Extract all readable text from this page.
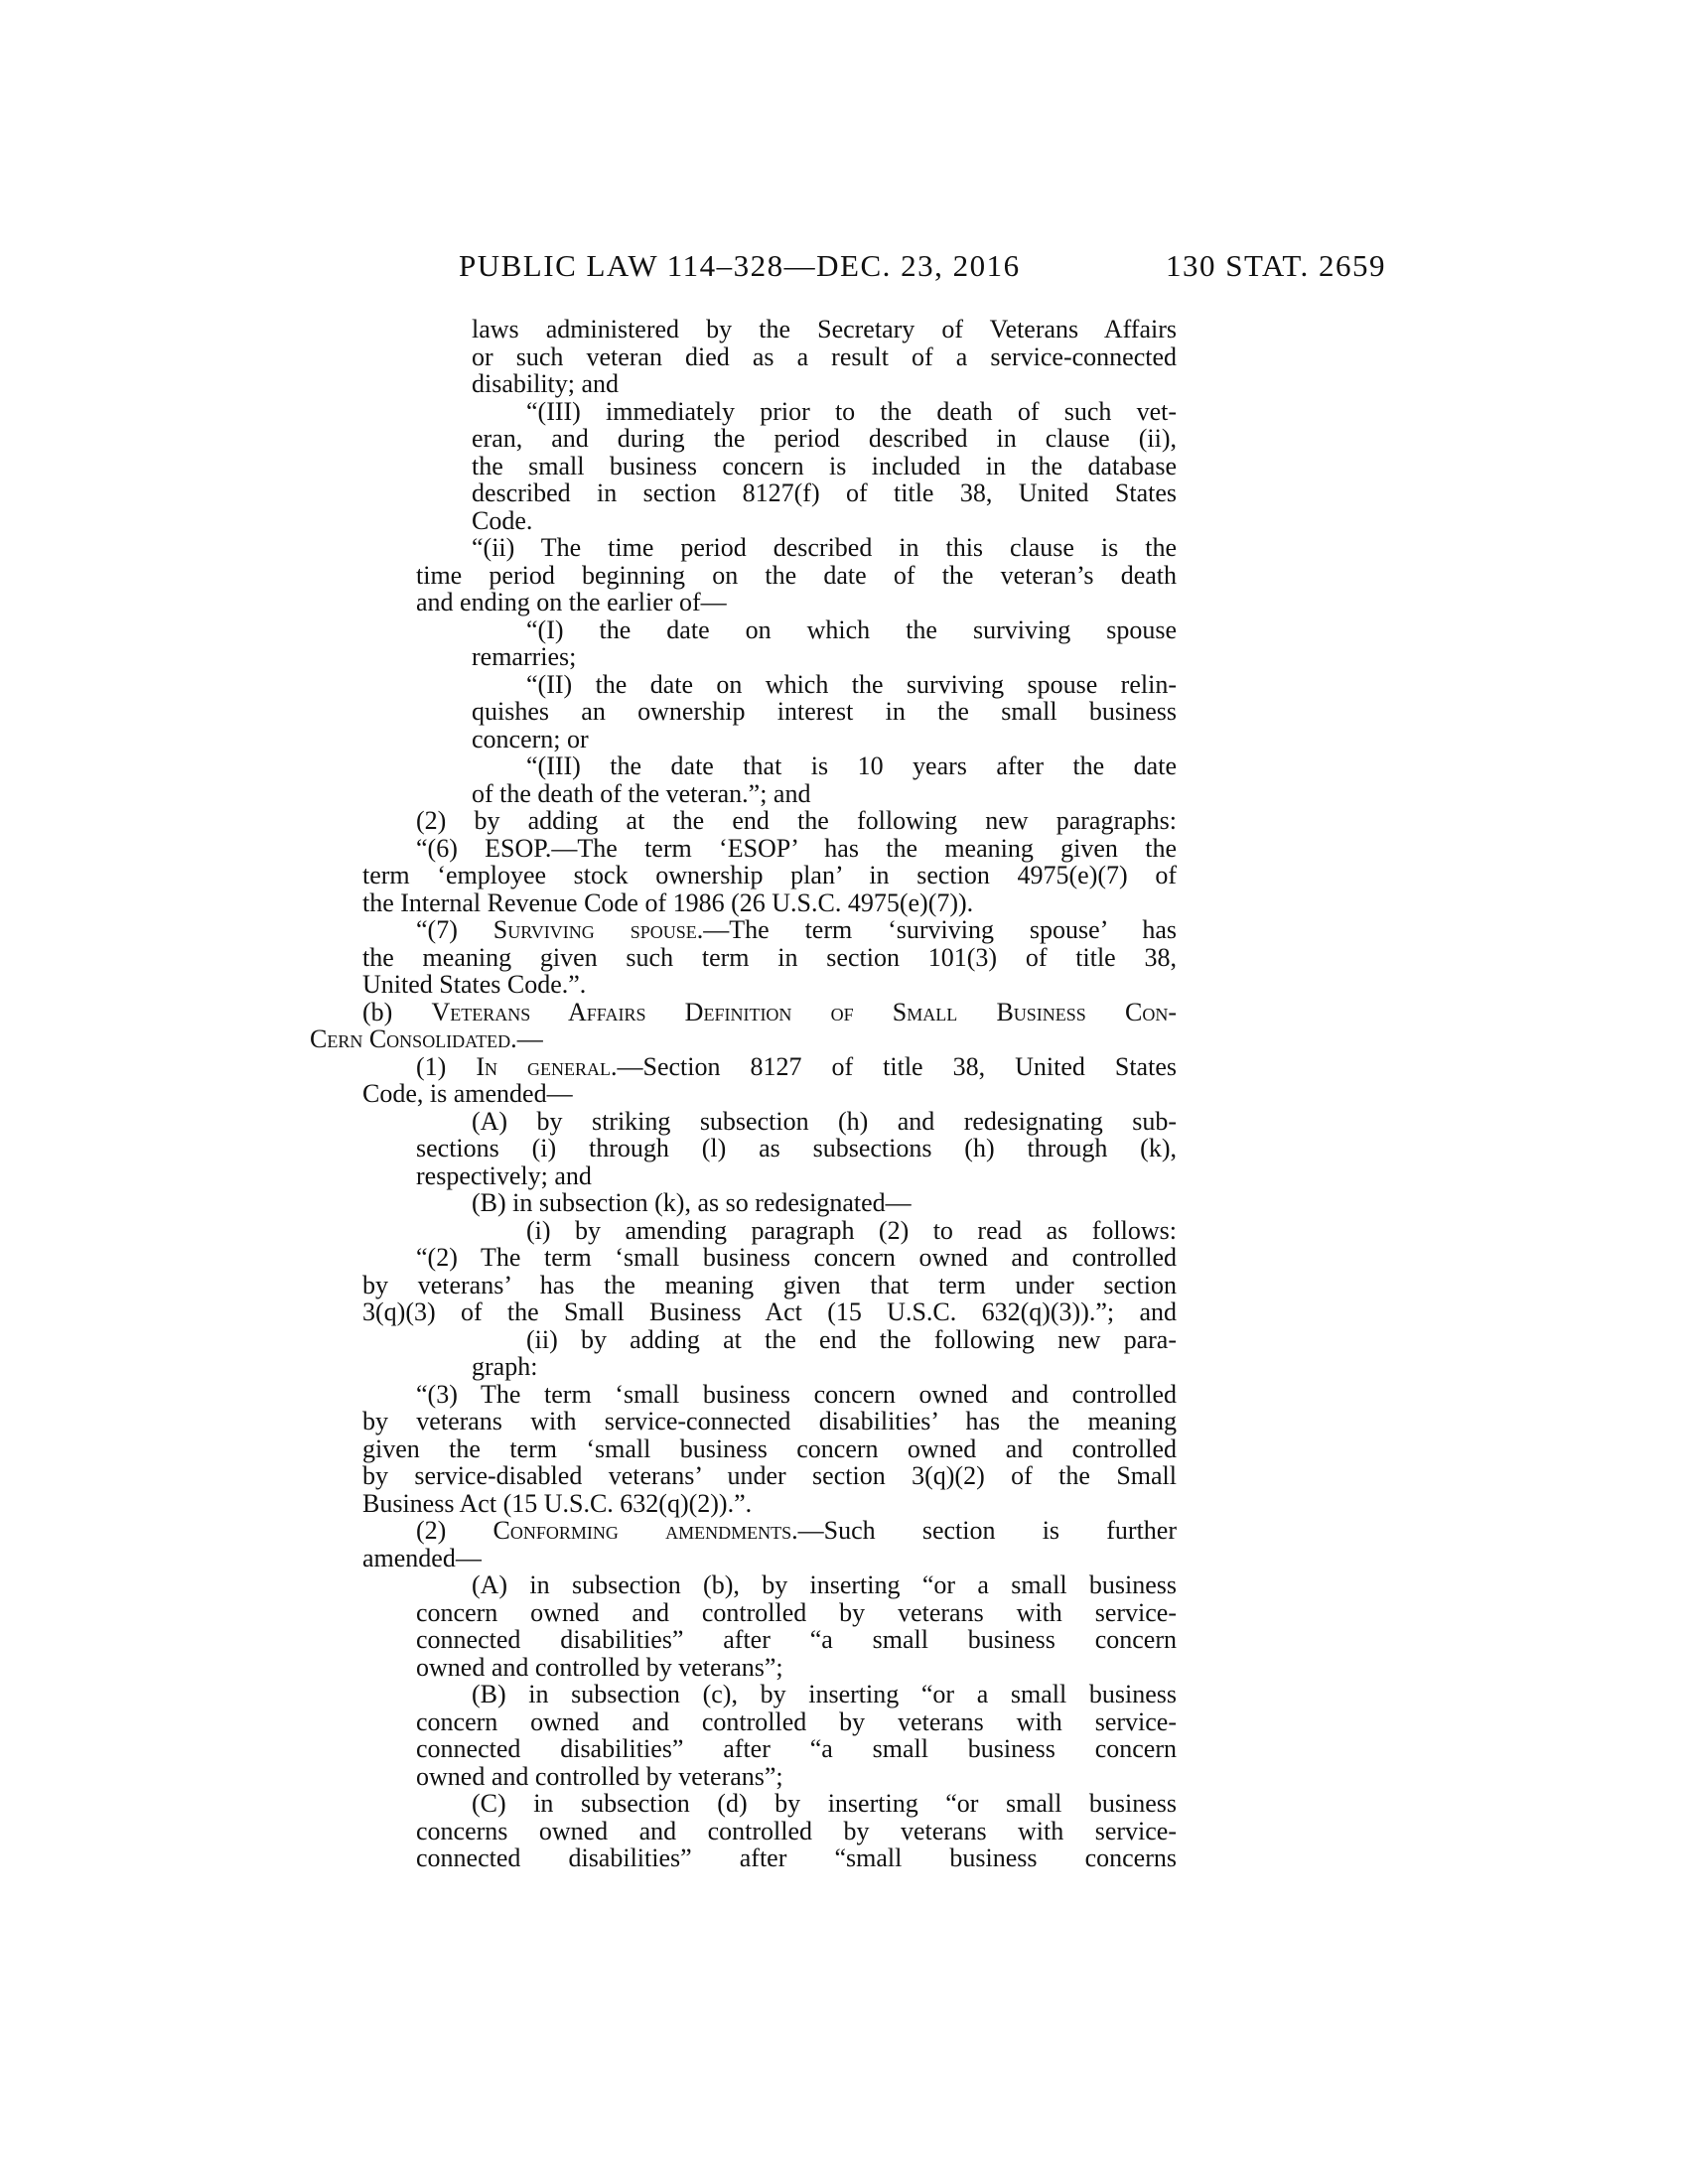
PUBLIC LAW 114–328—DEC. 23, 2016	130 STAT. 2659
laws administered by the Secretary of Veterans Affairs
or such veteran died as a result of a service-connected
disability; and
“(III) immediately prior to the death of such vet-
eran, and during the period described in clause (ii),
the small business concern is included in the database
described in section 8127(f) of title 38, United States
Code.
“(ii) The time period described in this clause is the
time period beginning on the date of the veteran’s death
and ending on the earlier of—
“(I) the date on which the surviving spouse
remarries;
“(II) the date on which the surviving spouse relin-
quishes an ownership interest in the small business
concern; or
“(III) the date that is 10 years after the date
of the death of the veteran.”; and
(2) by adding at the end the following new paragraphs:
“(6) ESOP.—The term ‘ESOP’ has the meaning given the
term ‘employee stock ownership plan’ in section 4975(e)(7) of
the Internal Revenue Code of 1986 (26 U.S.C. 4975(e)(7)).
“(7) Surviving spouse.—The term ‘surviving spouse’ has
the meaning given such term in section 101(3) of title 38,
United States Code.”.
(b) Veterans Affairs Definition of Small Business Con-
Cern Consolidated.—
(1) In general.—Section 8127 of title 38, United States
Code, is amended—
(A) by striking subsection (h) and redesignating sub-
sections (i) through (l) as subsections (h) through (k),
respectively; and
(B) in subsection (k), as so redesignated—
(i) by amending paragraph (2) to read as follows:
“(2) The term ‘small business concern owned and controlled
by veterans’ has the meaning given that term under section
3(q)(3) of the Small Business Act (15 U.S.C. 632(q)(3)).”; and
(ii) by adding at the end the following new para-
graph:
“(3) The term ‘small business concern owned and controlled
by veterans with service-connected disabilities’ has the meaning
given the term ‘small business concern owned and controlled
by service-disabled veterans’ under section 3(q)(2) of the Small
Business Act (15 U.S.C. 632(q)(2)).”.
(2) Conforming amendments.—Such section is further
amended—
(A) in subsection (b), by inserting “or a small business
concern owned and controlled by veterans with service-
connected disabilities” after “a small business concern
owned and controlled by veterans”;
(B) in subsection (c), by inserting “or a small business
concern owned and controlled by veterans with service-
connected disabilities” after “a small business concern
owned and controlled by veterans”;
(C) in subsection (d) by inserting “or small business
concerns owned and controlled by veterans with service-
connected disabilities” after “small business concerns
